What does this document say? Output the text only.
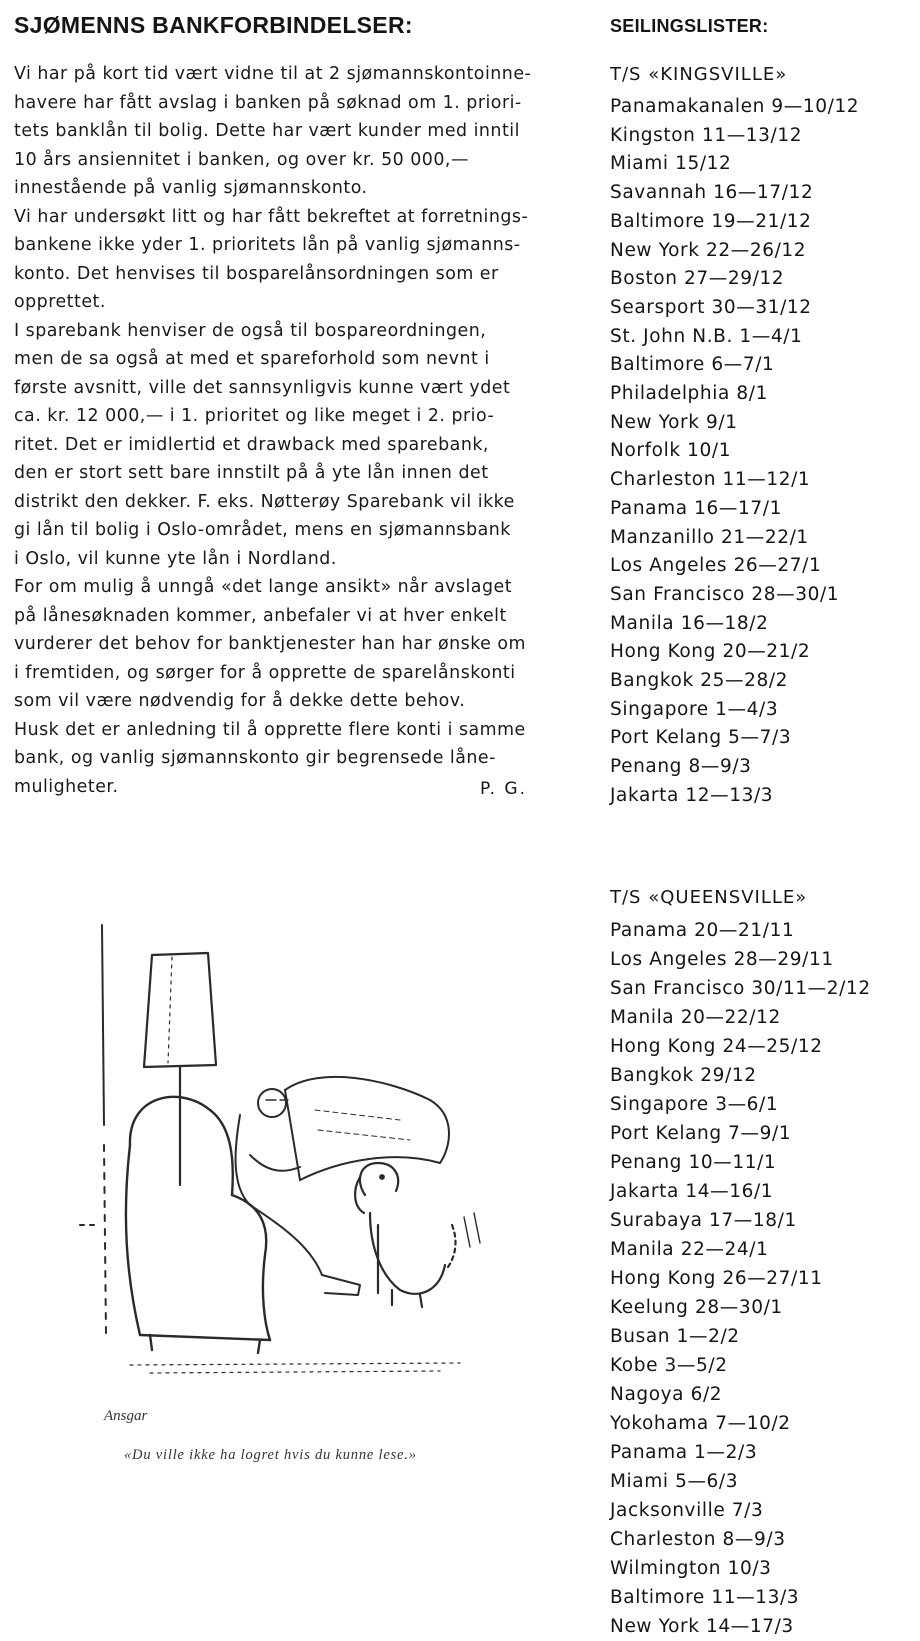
SJØMENNS BANKFORBINDELSER:	SEILINGSLISTER:
Vi har på kort tid vært vidne til at 2 sjømannskontoinne-
havere har fått avslag i banken på søknad om 1. priori-
tets banklån til bolig. Dette har vært kunder med inntil
10 års ansiennitet i banken, og over kr. 50 000,—
innestående på vanlig sjømannskonto.
Vi har undersøkt litt og har fått bekreftet at forretnings-
bankene ikke yder 1. prioritets lån på vanlig sjømanns-
konto. Det henvises til bosparelånsordningen som er
opprettet.
I sparebank henviser de også til bospareordningen,
men de sa også at med et spareforhold som nevnt i
første avsnitt, ville det sannsynligvis kunne vært ydet
ca. kr. 12 000,— i 1. prioritet og like meget i 2. prio-
ritet. Det er imidlertid et drawback med sparebank,
den er stort sett bare innstilt på å yte lån innen det
distrikt den dekker. F. eks. Nøtterøy Sparebank vil ikke
gi lån til bolig i Oslo-området, mens en sjømannsbank
i Oslo, vil kunne yte lån i Nordland.
For om mulig å unngå «det lange ansikt» når avslaget
på lånesøknaden kommer, anbefaler vi at hver enkelt
vurderer det behov for banktjenester han har ønske om
i fremtiden, og sørger for å opprette de sparelånskonti
som vil være nødvendig for å dekke dette behov.
Husk det er anledning til å opprette flere konti i samme
bank, og vanlig sjømannskonto gir begrensede låne-
muligheter.	P. G.
T/S «KINGSVILLE»
Panamakanalen 9—10/12
Kingston 11—13/12
Miami 15/12
Savannah 16—17/12
Baltimore 19—21/12
New York 22—26/12
Boston 27—29/12
Searsport 30—31/12
St. John N.B. 1—4/1
Baltimore 6—7/1
Philadelphia 8/1
New York 9/1
Norfolk 10/1
Charleston 11—12/1
Panama 16—17/1
Manzanillo 21—22/1
Los Angeles 26—27/1
San Francisco 28—30/1
Manila 16—18/2
Hong Kong 20—21/2
Bangkok 25—28/2
Singapore 1—4/3
Port Kelang 5—7/3
Penang 8—9/3
Jakarta 12—13/3
T/S «QUEENSVILLE»
Panama 20—21/11
Los Angeles 28—29/11
San Francisco 30/11—2/12
Manila 20—22/12
Hong Kong 24—25/12
Bangkok 29/12
Singapore 3—6/1
Port Kelang 7—9/1
Penang 10—11/1
Jakarta 14—16/1
Surabaya 17—18/1
Manila 22—24/1
Hong Kong 26—27/11
Keelung 28—30/1
Busan 1—2/2
Kobe 3—5/2
Nagoya 6/2
Yokohama 7—10/2
Panama 1—2/3
Miami 5—6/3
Jacksonville 7/3
Charleston 8—9/3
Wilmington 10/3
Baltimore 11—13/3
New York 14—17/3
Ansgar
«Du ville ikke ha logret hvis du kunne lese.»
